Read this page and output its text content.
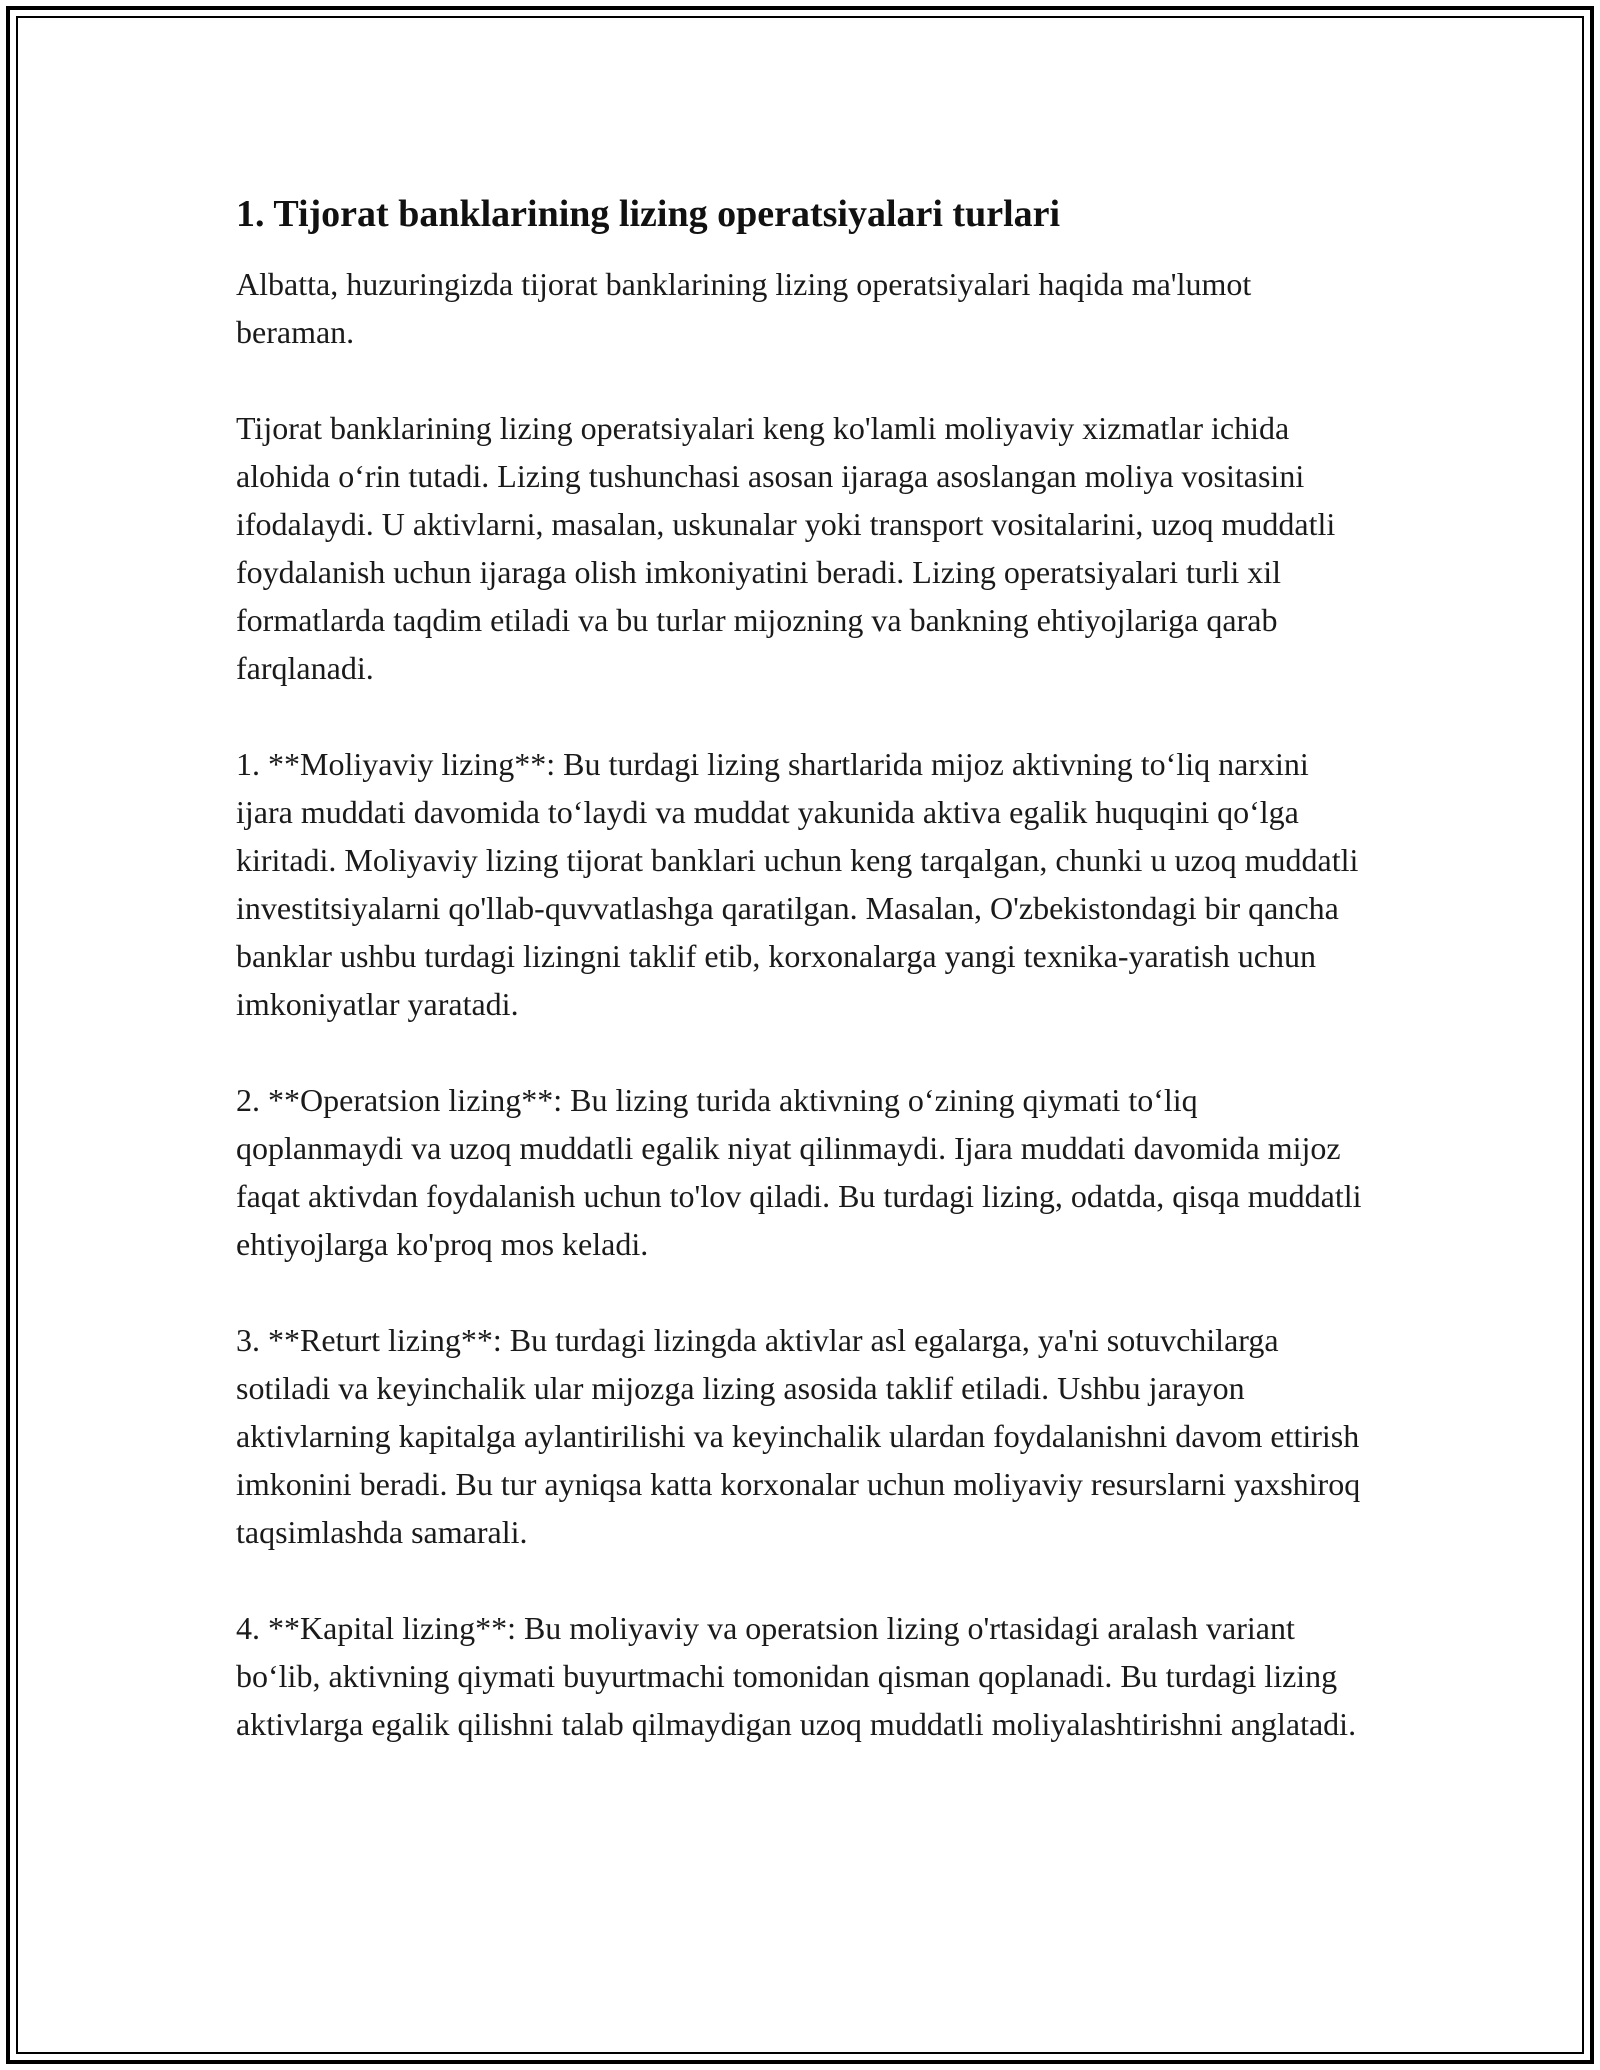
1. Tijorat banklarining lizing operatsiyalari turlari

Albatta, huzuringizda tijorat banklarining lizing operatsiyalari haqida ma'lumot beraman.

Tijorat banklarining lizing operatsiyalari keng ko'lamli moliyaviy xizmatlar ichida alohida o‘rin tutadi. Lizing tushunchasi asosan ijaraga asoslangan moliya vositasini ifodalaydi. U aktivlarni, masalan, uskunalar yoki transport vositalarini, uzoq muddatli foydalanish uchun ijaraga olish imkoniyatini beradi. Lizing operatsiyalari turli xil formatlarda taqdim etiladi va bu turlar mijozning va bankning ehtiyojlariga qarab farqlanadi.

1. **Moliyaviy lizing**: Bu turdagi lizing shartlarida mijoz aktivning to‘liq narxini ijara muddati davomida to‘laydi va muddat yakunida aktiva egalik huquqini qo‘lga kiritadi. Moliyaviy lizing tijorat banklari uchun keng tarqalgan, chunki u uzoq muddatli investitsiyalarni qo'llab-quvvatlashga qaratilgan. Masalan, O'zbekistondagi bir qancha banklar ushbu turdagi lizingni taklif etib, korxonalarga yangi texnika-yaratish uchun imkoniyatlar yaratadi.

2. **Operatsion lizing**: Bu lizing turida aktivning o‘zining qiymati to‘liq qoplanmaydi va uzoq muddatli egalik niyat qilinmaydi. Ijara muddati davomida mijoz faqat aktivdan foydalanish uchun to'lov qiladi. Bu turdagi lizing, odatda, qisqa muddatli ehtiyojlarga ko'proq mos keladi.

3. **Returt lizing**: Bu turdagi lizingda aktivlar asl egalarga, ya'ni sotuvchilarga sotiladi va keyinchalik ular mijozga lizing asosida taklif etiladi. Ushbu jarayon aktivlarning kapitalga aylantirilishi va keyinchalik ulardan foydalanishni davom ettirish imkonini beradi. Bu tur ayniqsa katta korxonalar uchun moliyaviy resurslarni yaxshiroq taqsimlashda samarali.

4. **Kapital lizing**: Bu moliyaviy va operatsion lizing o'rtasidagi aralash variant bo‘lib, aktivning qiymati buyurtmachi tomonidan qisman qoplanadi. Bu turdagi lizing aktivlarga egalik qilishni talab qilmaydigan uzoq muddatli moliyalashtirishni anglatadi.
